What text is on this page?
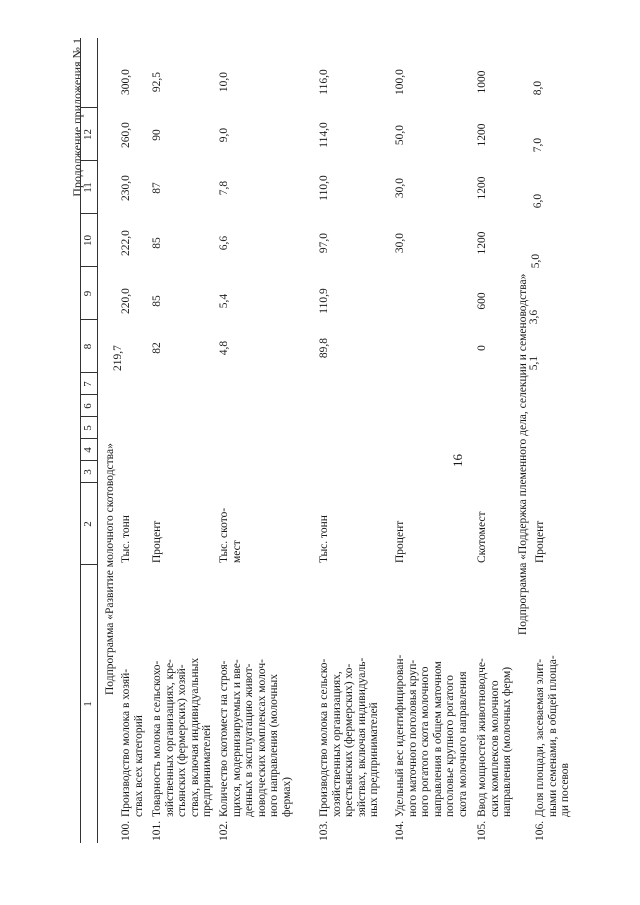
16
Продолжение приложения № 1
1
2
3
4
5
6
7
8
9
10
11
12
Подпрограмма «Развитие молочного скотоводства»
100.
Производство молока в хозяй- ствах всех категорий
Тыс. тонн
219,7
220,0
222,0
230,0
260,0
300,0
101.
Товарность молока в сельскохо- зяйственных организациях, кре- стьянских (фермерских) хозяй- ствах, включая индивидуальных предпринимателей
Процент
82
85
85
87
90
92,5
102.
Количество скотомест на строя- щихся, модернизируемых и вве- денных в эксплуатацию живот- новодческих комплексах молоч- ного направления (молочных фермах)
Тыс. ското- мест
4,8
5,4
6,6
7,8
9,0
10,0
103.
Производство молока в сельско- хозяйственных организациях, крестьянских (фермерских) хо- зяйствах, включая индивидуаль- ных предпринимателей
Тыс. тонн
89,8
110,9
97,0
110,0
114,0
116,0
104.
Удельный вес идентифицирован- ного маточного поголовья круп- ного рогатого скота молочного направления в общем маточном поголовье крупного рогатого скота молочного направления
Процент
30,0
30,0
50,0
100,0
105.
Ввод мощностей животноводче- ских комплексов молочного направления (молочных ферм)
Скотомест
0
600
1200
1200
1200
1000
Подпрограмма «Поддержка племенного дела, селекции и семеноводства»
106.
Доля площади, засеваемая элит- ными семенами, в общей площа- ди посевов
Процент
5,1
3,6
5,0
6,0
7,0
8,0
